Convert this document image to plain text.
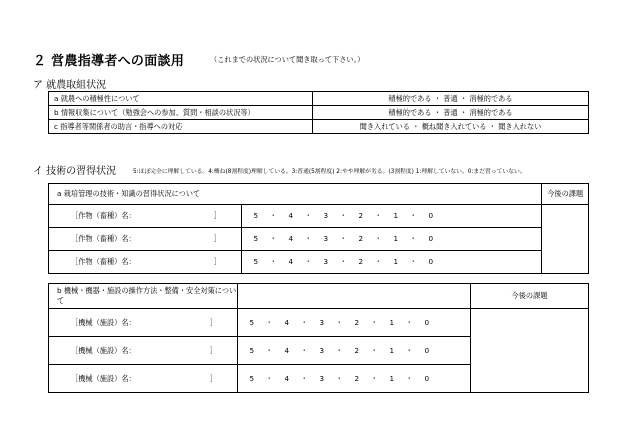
２ 営農指導者への面談用	（これまでの状況について聞き取って下さい。）
ア 就農取組状況
a 就農への積極性について	積極的である ・ 普通 ・ 消極的である
b 情報収集について（勉強会への参加、質問・相談の状況等）	積極的である ・ 普通 ・ 消極的である
c 指導者等関係者の助言・指導への対応	聞き入れている ・ 概ね聞き入れている ・ 聞き入れない
イ 技術の習得状況	5:ほぼ完全に理解している。4:概ね(8割程度)理解している。3:普通(5割程度) 2:やや理解が劣る。(3割程度) 1:理解していない。0:まだ習っていない。
a 栽培管理の技術・知識の習得状況について		今後の課題
［作物（畜種）名： ］	5 ・ 4 ・ 3 ・ 2 ・ 1 ・ 0	
［作物（畜種）名： ］	5 ・ 4 ・ 3 ・ 2 ・ 1 ・ 0	
［作物（畜種）名： ］	5 ・ 4 ・ 3 ・ 2 ・ 1 ・ 0	
b 機械・機器・施設の操作方法・整備・安全対策について		今後の課題
［機械（施設）名： ］	5 ・ 4 ・ 3 ・ 2 ・ 1 ・ 0	
［機械（施設）名： ］	5 ・ 4 ・ 3 ・ 2 ・ 1 ・ 0	
［機械（施設）名： ］	5 ・ 4 ・ 3 ・ 2 ・ 1 ・ 0	
